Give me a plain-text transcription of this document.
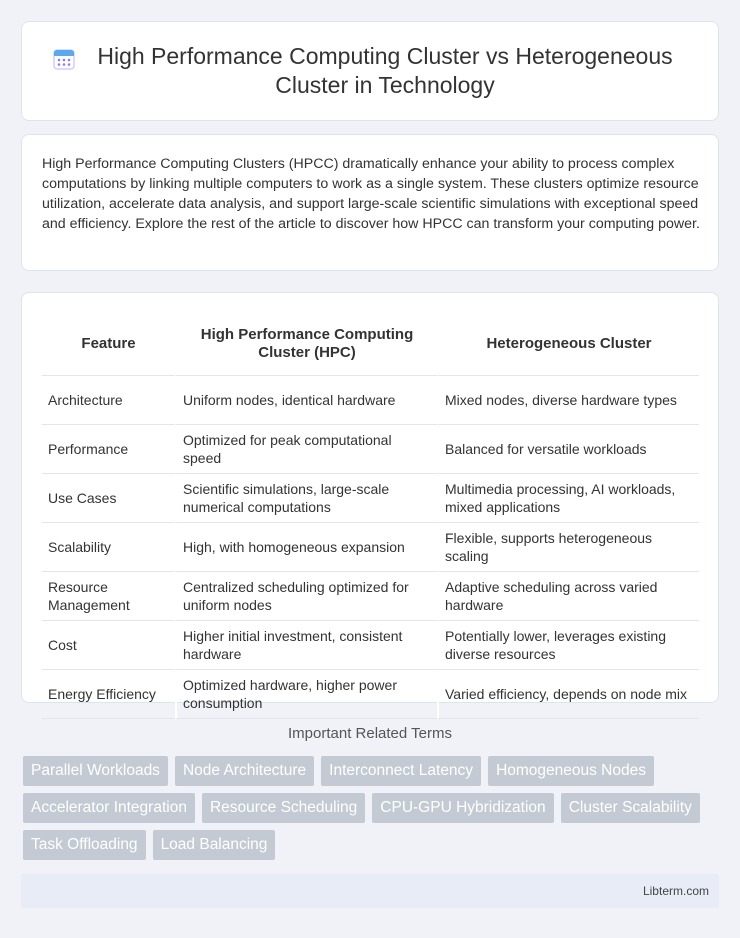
High Performance Computing Cluster vs Heterogeneous Cluster in Technology

High Performance Computing Clusters (HPCC) dramatically enhance your ability to process complex computations by linking multiple computers to work as a single system. These clusters optimize resource utilization, accelerate data analysis, and support large-scale scientific simulations with exceptional speed and efficiency. Explore the rest of the article to discover how HPCC can transform your computing power.

Feature	High Performance Computing Cluster (HPC)	Heterogeneous Cluster
Architecture	Uniform nodes, identical hardware	Mixed nodes, diverse hardware types
Performance	Optimized for peak computational speed	Balanced for versatile workloads
Use Cases	Scientific simulations, large-scale numerical computations	Multimedia processing, AI workloads, mixed applications
Scalability	High, with homogeneous expansion	Flexible, supports heterogeneous scaling
Resource Management	Centralized scheduling optimized for uniform nodes	Adaptive scheduling across varied hardware
Cost	Higher initial investment, consistent hardware	Potentially lower, leverages existing diverse resources
Energy Efficiency	Optimized hardware, higher power consumption	Varied efficiency, depends on node mix
Important Related Terms
Parallel Workloads	Node Architecture	Interconnect Latency	Homogeneous Nodes
Accelerator Integration	Resource Scheduling	CPU-GPU Hybridization	Cluster Scalability
Task Offloading	Load Balancing
Libterm.com
